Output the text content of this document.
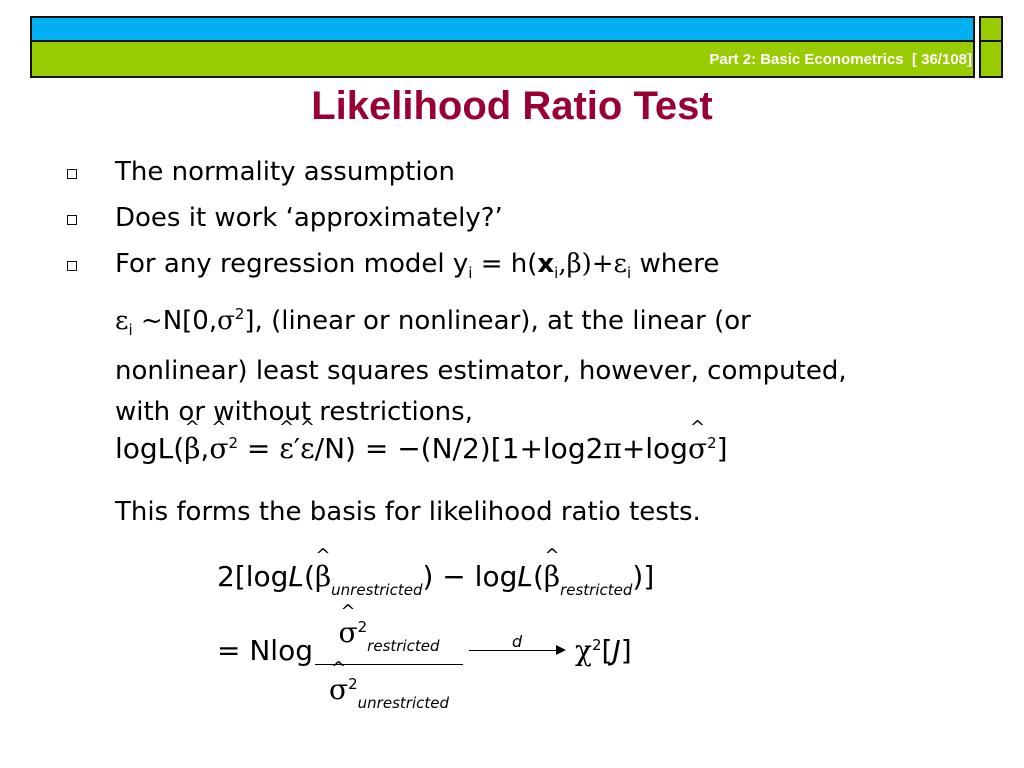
Part 2: Basic Econometrics  [ 36/108]
Likelihood Ratio Test
The normality assumption
Does it work ‘approximately?’
For any regression model $y_i = h(x_i,\beta)+\varepsilon_i$ where
$\varepsilon_i$ $\sim N[0,\sigma^2]$, (linear or nonlinear), at the linear (or
nonlinear) least squares estimator, however, computed,
with or without restrictions,
logL(^ β,^ $\sigma^2$ = ^ ε′^ ε/N) = −(N/2)[1+log2π+log^ $\sigma^2$]
This forms the basis for likelihood ratio tests.
2[logL(^ $\beta_{unrestricted}$) − logL(^ $\beta_{restricted}$)]
= Nlog
^ $\sigma^2_{restricted}$
^ $\sigma^2_{unrestricted}$
d $\chi^2[J]$
